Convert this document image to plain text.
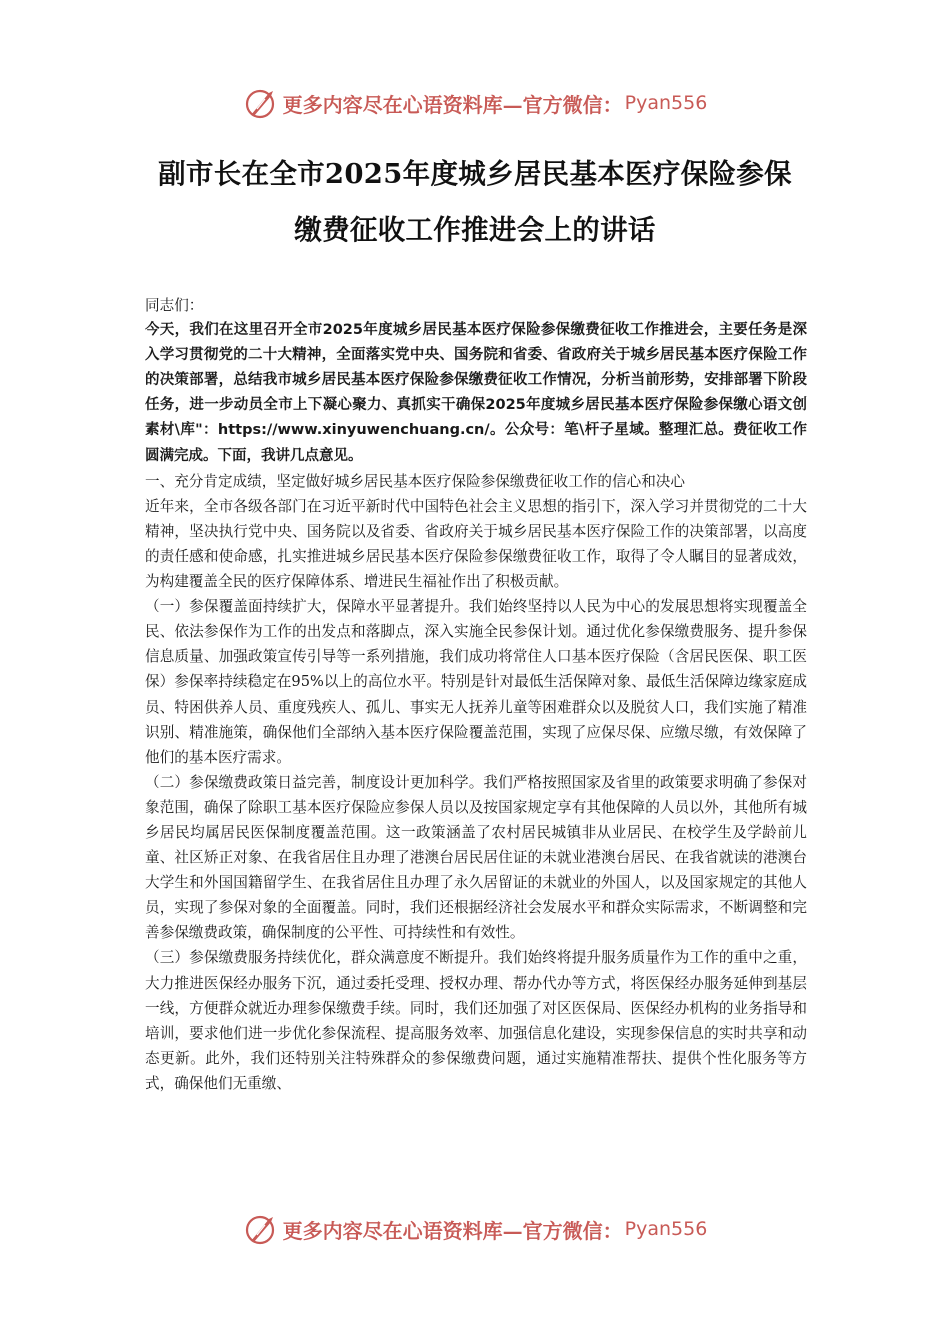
更多内容尽在心语资料库—官方微信： Pyan556
副市长在全市2025年度城乡居民基本医疗保险参保
缴费征收工作推进会上的讲话

同志们：

今天，我们在这里召开全市2025年度城乡居民基本医疗保险参保缴费征收工作推进会，主要任务是深入学习贯彻党的二十大精神，全面落实党中央、国务院和省委、省政府关于城乡居民基本医疗保险工作的决策部署，总结我市城乡居民基本医疗保险参保缴费征收工作情况，分析当前形势，安排部署下阶段任务，进一步动员全市上下凝心聚力、真抓实干确保2025年度城乡居民基本医疗保险参保缴心语文创素材\库"：https://www.xinyuwenchuang.cn/。公众号：笔\杆子星域。整理汇总。费征收工作圆满完成。下面，我讲几点意见。

一、充分肯定成绩，坚定做好城乡居民基本医疗保险参保缴费征收工作的信心和决心

近年来，全市各级各部门在习近平新时代中国特色社会主义思想的指引下，深入学习并贯彻党的二十大精神，坚决执行党中央、国务院以及省委、省政府关于城乡居民基本医疗保险工作的决策部署，以高度的责任感和使命感，扎实推进城乡居民基本医疗保险参保缴费征收工作，取得了令人瞩目的显著成效，为构建覆盖全民的医疗保障体系、增进民生福祉作出了积极贡献。

（一）参保覆盖面持续扩大，保障水平显著提升。我们始终坚持以人民为中心的发展思想将实现覆盖全民、依法参保作为工作的出发点和落脚点，深入实施全民参保计划。通过优化参保缴费服务、提升参保信息质量、加强政策宣传引导等一系列措施，我们成功将常住人口基本医疗保险（含居民医保、职工医保）参保率持续稳定在95%以上的高位水平。特别是针对最低生活保障对象、最低生活保障边缘家庭成员、特困供养人员、重度残疾人、孤儿、事实无人抚养儿童等困难群众以及脱贫人口，我们实施了精准识别、精准施策，确保他们全部纳入基本医疗保险覆盖范围，实现了应保尽保、应缴尽缴，有效保障了他们的基本医疗需求。

（二）参保缴费政策日益完善，制度设计更加科学。我们严格按照国家及省里的政策要求明确了参保对象范围，确保了除职工基本医疗保险应参保人员以及按国家规定享有其他保障的人员以外，其他所有城乡居民均属居民医保制度覆盖范围。这一政策涵盖了农村居民城镇非从业居民、在校学生及学龄前儿童、社区矫正对象、在我省居住且办理了港澳台居民居住证的未就业港澳台居民、在我省就读的港澳台大学生和外国国籍留学生、在我省居住且办理了永久居留证的未就业的外国人，以及国家规定的其他人员，实现了参保对象的全面覆盖。同时，我们还根据经济社会发展水平和群众实际需求，不断调整和完善参保缴费政策，确保制度的公平性、可持续性和有效性。

（三）参保缴费服务持续优化，群众满意度不断提升。我们始终将提升服务质量作为工作的重中之重，大力推进医保经办服务下沉，通过委托受理、授权办理、帮办代办等方式，将医保经办服务延伸到基层一线，方便群众就近办理参保缴费手续。同时，我们还加强了对区医保局、医保经办机构的业务指导和培训，要求他们进一步优化参保流程、提高服务效率、加强信息化建设，实现参保信息的实时共享和动态更新。此外，我们还特别关注特殊群众的参保缴费问题，通过实施精准帮扶、提供个性化服务等方式，确保他们无重缴、

更多内容尽在心语资料库—官方微信： Pyan556
